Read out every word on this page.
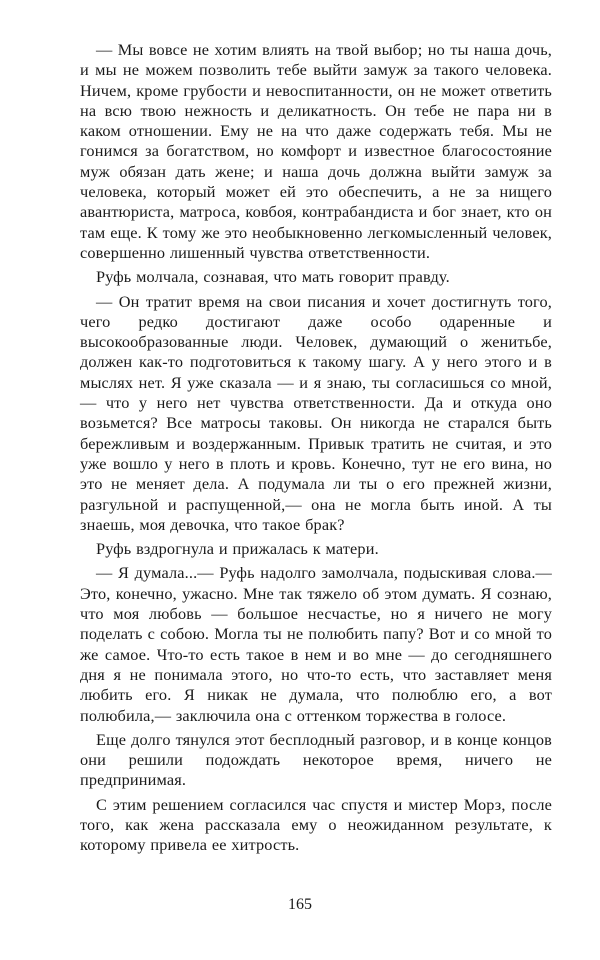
— Мы вовсе не хотим влиять на твой выбор; но ты наша дочь, и мы не можем позволить тебе выйти замуж за такого человека. Ничем, кроме грубости и невоспитанности, он не может ответить на всю твою нежность и деликатность. Он тебе не пара ни в каком отношении. Ему не на что даже содержать тебя. Мы не гонимся за богатством, но комфорт и известное благосостояние муж обязан дать жене; и наша дочь должна выйти замуж за человека, который может ей это обеспечить, а не за нищего авантюриста, матроса, ковбоя, контрабандиста и бог знает, кто он там еще. К тому же это необыкновенно легкомысленный человек, совершенно лишенный чувства ответственности.

Руфь молчала, сознавая, что мать говорит правду.

— Он тратит время на свои писания и хочет достигнуть того, чего редко достигают даже особо одаренные и высокообразованные люди. Человек, думающий о женитьбе, должен как-то подготовиться к такому шагу. А у него этого и в мыслях нет. Я уже сказала — и я знаю, ты согласишься со мной,— что у него нет чувства ответственности. Да и откуда оно возьмется? Все матросы таковы. Он никогда не старался быть бережливым и воздержанным. Привык тратить не считая, и это уже вошло у него в плоть и кровь. Конечно, тут не его вина, но это не меняет дела. А подумала ли ты о его прежней жизни, разгульной и распущенной,— она не могла быть иной. А ты знаешь, моя девочка, что такое брак?

Руфь вздрогнула и прижалась к матери.

— Я думала...— Руфь надолго замолчала, подыскивая слова.— Это, конечно, ужасно. Мне так тяжело об этом думать. Я сознаю, что моя любовь — большое несчастье, но я ничего не могу поделать с собою. Могла ты не полюбить папу? Вот и со мной то же самое. Что-то есть такое в нем и во мне — до сегодняшнего дня я не понимала этого, но что-то есть, что заставляет меня любить его. Я никак не думала, что полюблю его, а вот полюбила,— заключила она с оттенком торжества в голосе.

Еще долго тянулся этот бесплодный разговор, и в конце концов они решили подождать некоторое время, ничего не предпринимая.

С этим решением согласился час спустя и мистер Морз, после того, как жена рассказала ему о неожиданном результате, к которому привела ее хитрость.

165
